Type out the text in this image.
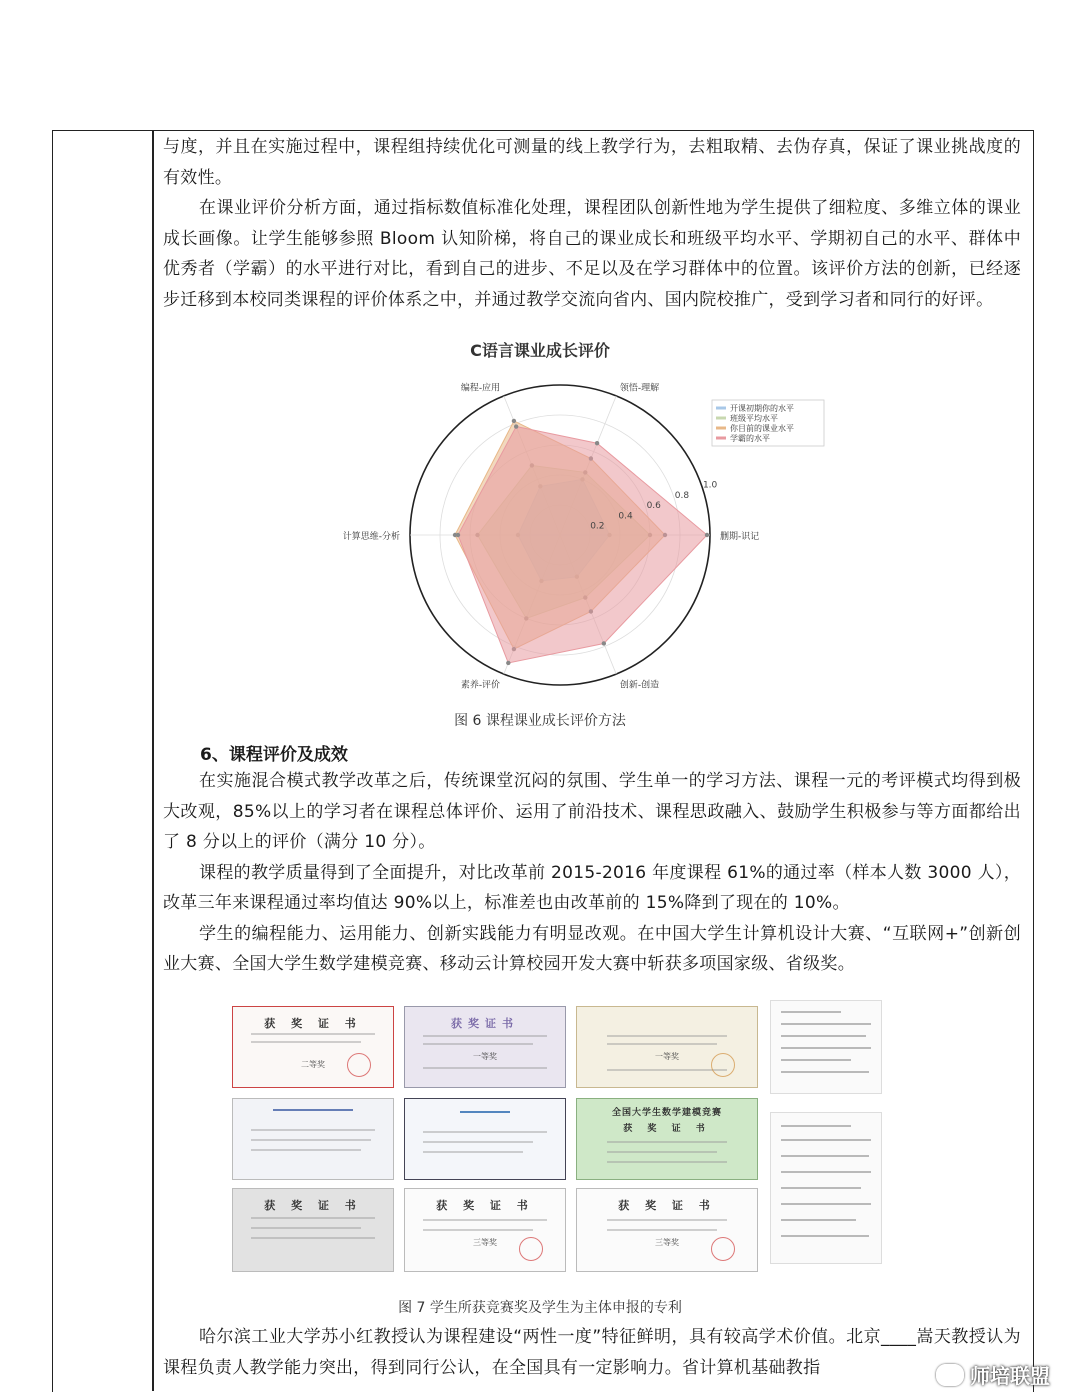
与度，并且在实施过程中，课程组持续优化可测量的线上教学行为，去粗取精、去伪存真，保证了课业挑战度的有效性。

在课业评价分析方面，通过指标数值标准化处理，课程团队创新性地为学生提供了细粒度、多维立体的课业成长画像。让学生能够参照 Bloom 认知阶梯，将自己的课业成长和班级平均水平、学期初自己的水平、群体中优秀者（学霸）的水平进行对比，看到自己的进步、不足以及在学习群体中的位置。该评价方法的创新，已经逐步迁移到本校同类课程的评价体系之中，并通过教学交流向省内、国内院校推广，受到学习者和同行的好评。

C语言课业成长评价
0.2
0.4
0.6
0.8
1.0
编程-应用	领悟-理解
删期-识记
创新-创造
素养-评价
计算思维-分析
开课初期你的水平
班级平均水平
你目前的课业水平
学霸的水平
图 6 课程课业成长评价方法
6、课程评价及成效

在实施混合模式教学改革之后，传统课堂沉闷的氛围、学生单一的学习方法、课程一元的考评模式均得到极大改观，85%以上的学习者在课程总体评价、运用了前沿技术、课程思政融入、鼓励学生积极参与等方面都给出了 8 分以上的评价（满分 10 分）。

课程的教学质量得到了全面提升，对比改革前 2015-2016 年度课程 61%的通过率（样本人数 3000 人），改革三年来课程通过率均值达 90%以上，标准差也由改革前的 15%降到了现在的 10%。

学生的编程能力、运用能力、创新实践能力有明显改观。在中国大学生计算机设计大赛、“互联网+”创新创业大赛、全国大学生数学建模竞赛、移动云计算校园开发大赛中斩获多项国家级、省级奖。

获 奖 证 书
二等奖
获奖证书
一等奖	一等奖
全国大学生数学建模竞赛
获 奖 证 书
获 奖 证 书	获 奖 证 书
三等奖
获 奖 证 书
三等奖
图 7 学生所获竞赛奖及学生为主体申报的专利

哈尔滨工业大学苏小红教授认为课程建设“两性一度”特征鲜明，具有较高学术价值。北京____嵩天教授认为课程负责人教学能力突出，得到同行公认，在全国具有一定影响力。省计算机基础教指	师培联盟
